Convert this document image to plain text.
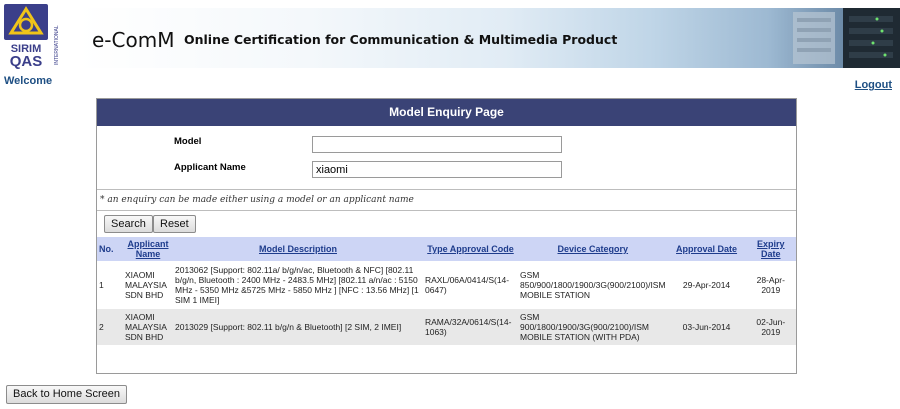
SIRIM
QAS INTERNATIONAL e-ComM Online Certification for Communication & Multimedia Product
Welcome	Logout
Model Enquiry Page
Model
Applicant Name
xiaomi
* an enquiry can be made either using a model or an applicant name
Search	Reset
No.	Applicant Name	Model Description	Type Approval Code	Device Category	Approval Date	Expiry Date
1	XIAOMI MALAYSIA SDN BHD	2013062 [Support: 802.11a/ b/g/n/ac, Bluetooth & NFC] [802.11 b/g/n, Bluetooth : 2400 MHz - 2483.5 MHz] [802.11 a/n/ac : 5150 MHz - 5350 MHz &5725 MHz - 5850 MHz ] [NFC : 13.56 MHz] [1 SIM 1 IMEI]	RAXL/06A/0414/S(14-0647)	GSM 850/900/1800/1900/3G(900/2100)/ISM MOBILE STATION	29-Apr-2014	28-Apr-2019
2	XIAOMI MALAYSIA SDN BHD	2013029 [Support: 802.11 b/g/n & Bluetooth] [2 SIM, 2 IMEI]	RAMA/32A/0614/S(14-1063)	GSM 900/1800/1900/3G(900/2100)/ISM MOBILE STATION (WITH PDA)	03-Jun-2014	02-Jun-2019
Back to Home Screen
